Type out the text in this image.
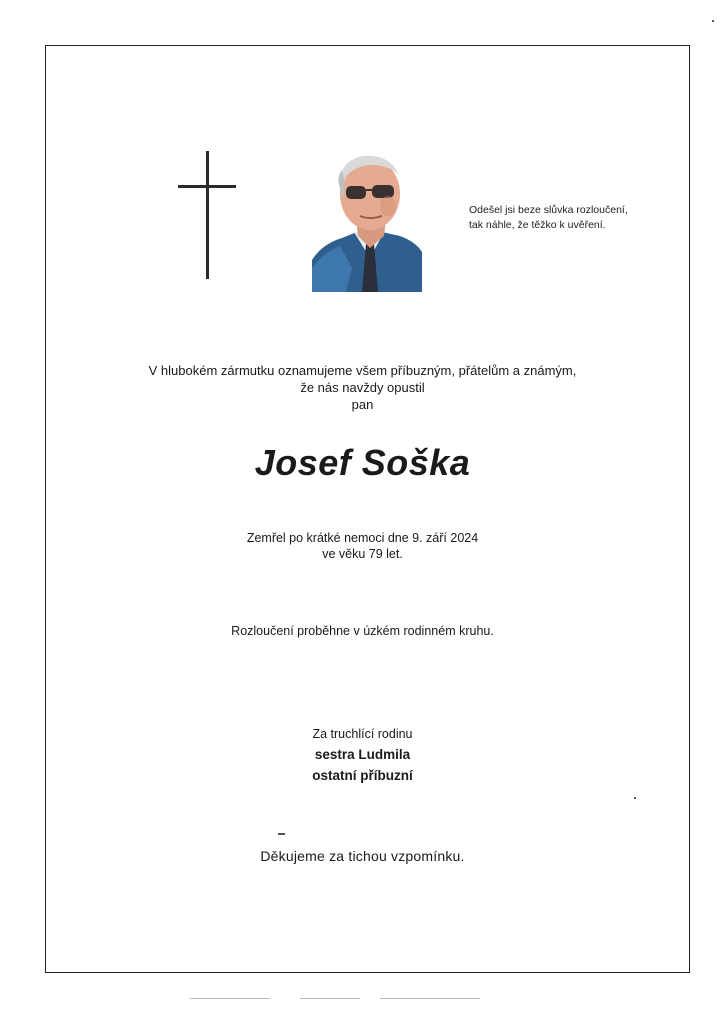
Odešel jsi beze slůvka rozloučení,
tak náhle, že těžko k uvěření.
V hlubokém zármutku oznamujeme všem příbuzným, přátelům a známým,
že nás navždy opustil
pan
Josef Soška
Zemřel po krátké nemoci dne 9. září 2024
ve věku 79 let.
Rozloučení proběhne v úzkém rodinném kruhu.
Za truchlící rodinu
sestra Ludmila
ostatní příbuzní
Děkujeme za tichou vzpomínku.
